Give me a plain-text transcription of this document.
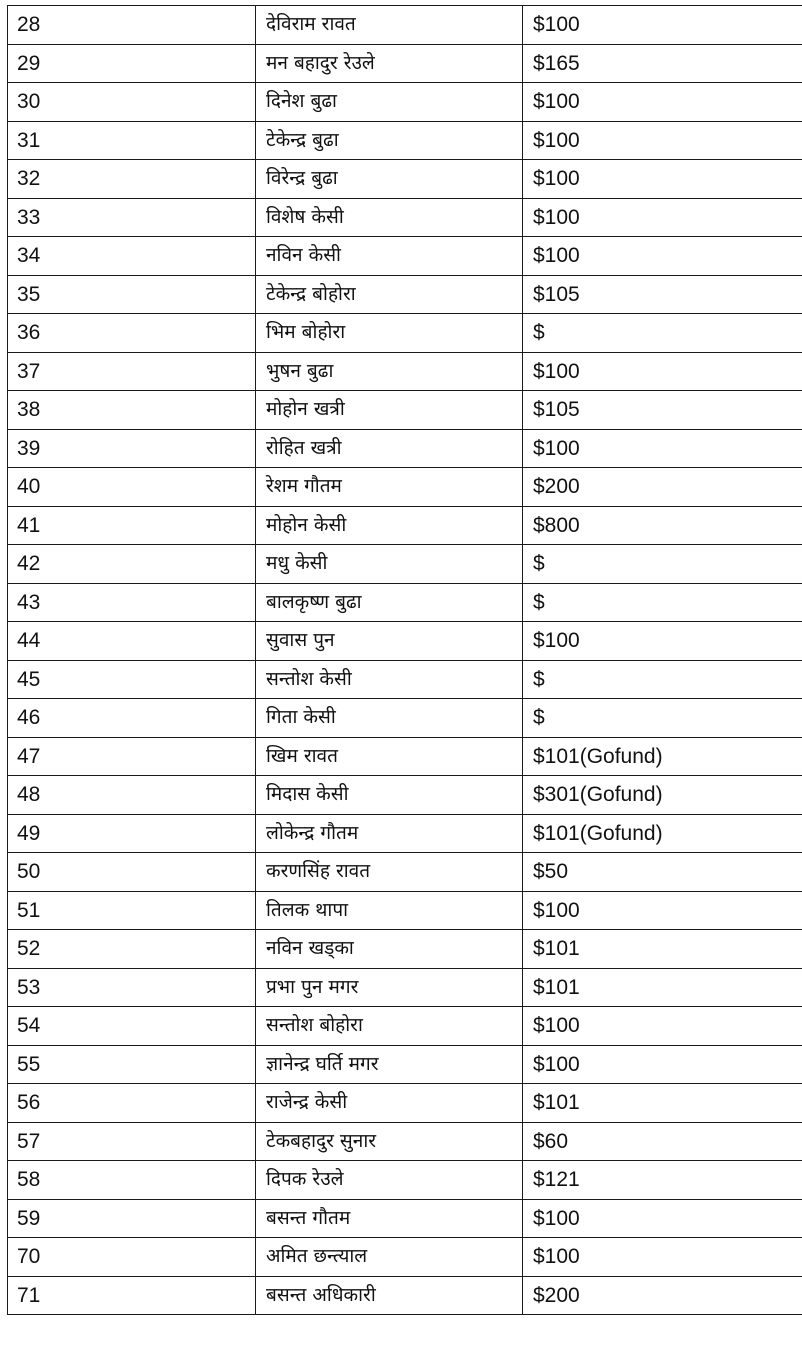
28	देविराम रावत	$100
29	मन बहादुर रेउले	$165
30	दिनेश बुढा	$100
31	टेकेन्द्र बुढा	$100
32	विरेन्द्र बुढा	$100
33	विशेष केसी	$100
34	नविन केसी	$100
35	टेकेन्द्र बोहोरा	$105
36	भिम बोहोरा	$
37	भुषन बुढा	$100
38	मोहोन खत्री	$105
39	रोहित खत्री	$100
40	रेशम गाैतम	$200
41	मोहोन केसी	$800
42	मधु केसी	$
43	बालकृष्ण बुढा	$
44	सुवास पुन	$100
45	सन्तोश केसी	$
46	गिता केसी	$
47	खिम रावत	$101(Gofund)
48	मिदास केसी	$301(Gofund)
49	लोकेन्द्र गाैतम	$101(Gofund)
50	करणसिंह रावत	$50
51	तिलक थापा	$100
52	नविन खड्का	$101
53	प्रभा पुन मगर	$101
54	सन्तोश बोहोरा	$100
55	ज्ञानेन्द्र घर्ति मगर	$100
56	राजेन्द्र केसी	$101
57	टेकबहादुर सुनार	$60
58	दिपक रेउले	$121
59	बसन्त गाैतम	$100
70	अमित छन्त्याल	$100
71	बसन्त अधिकारी	$200
